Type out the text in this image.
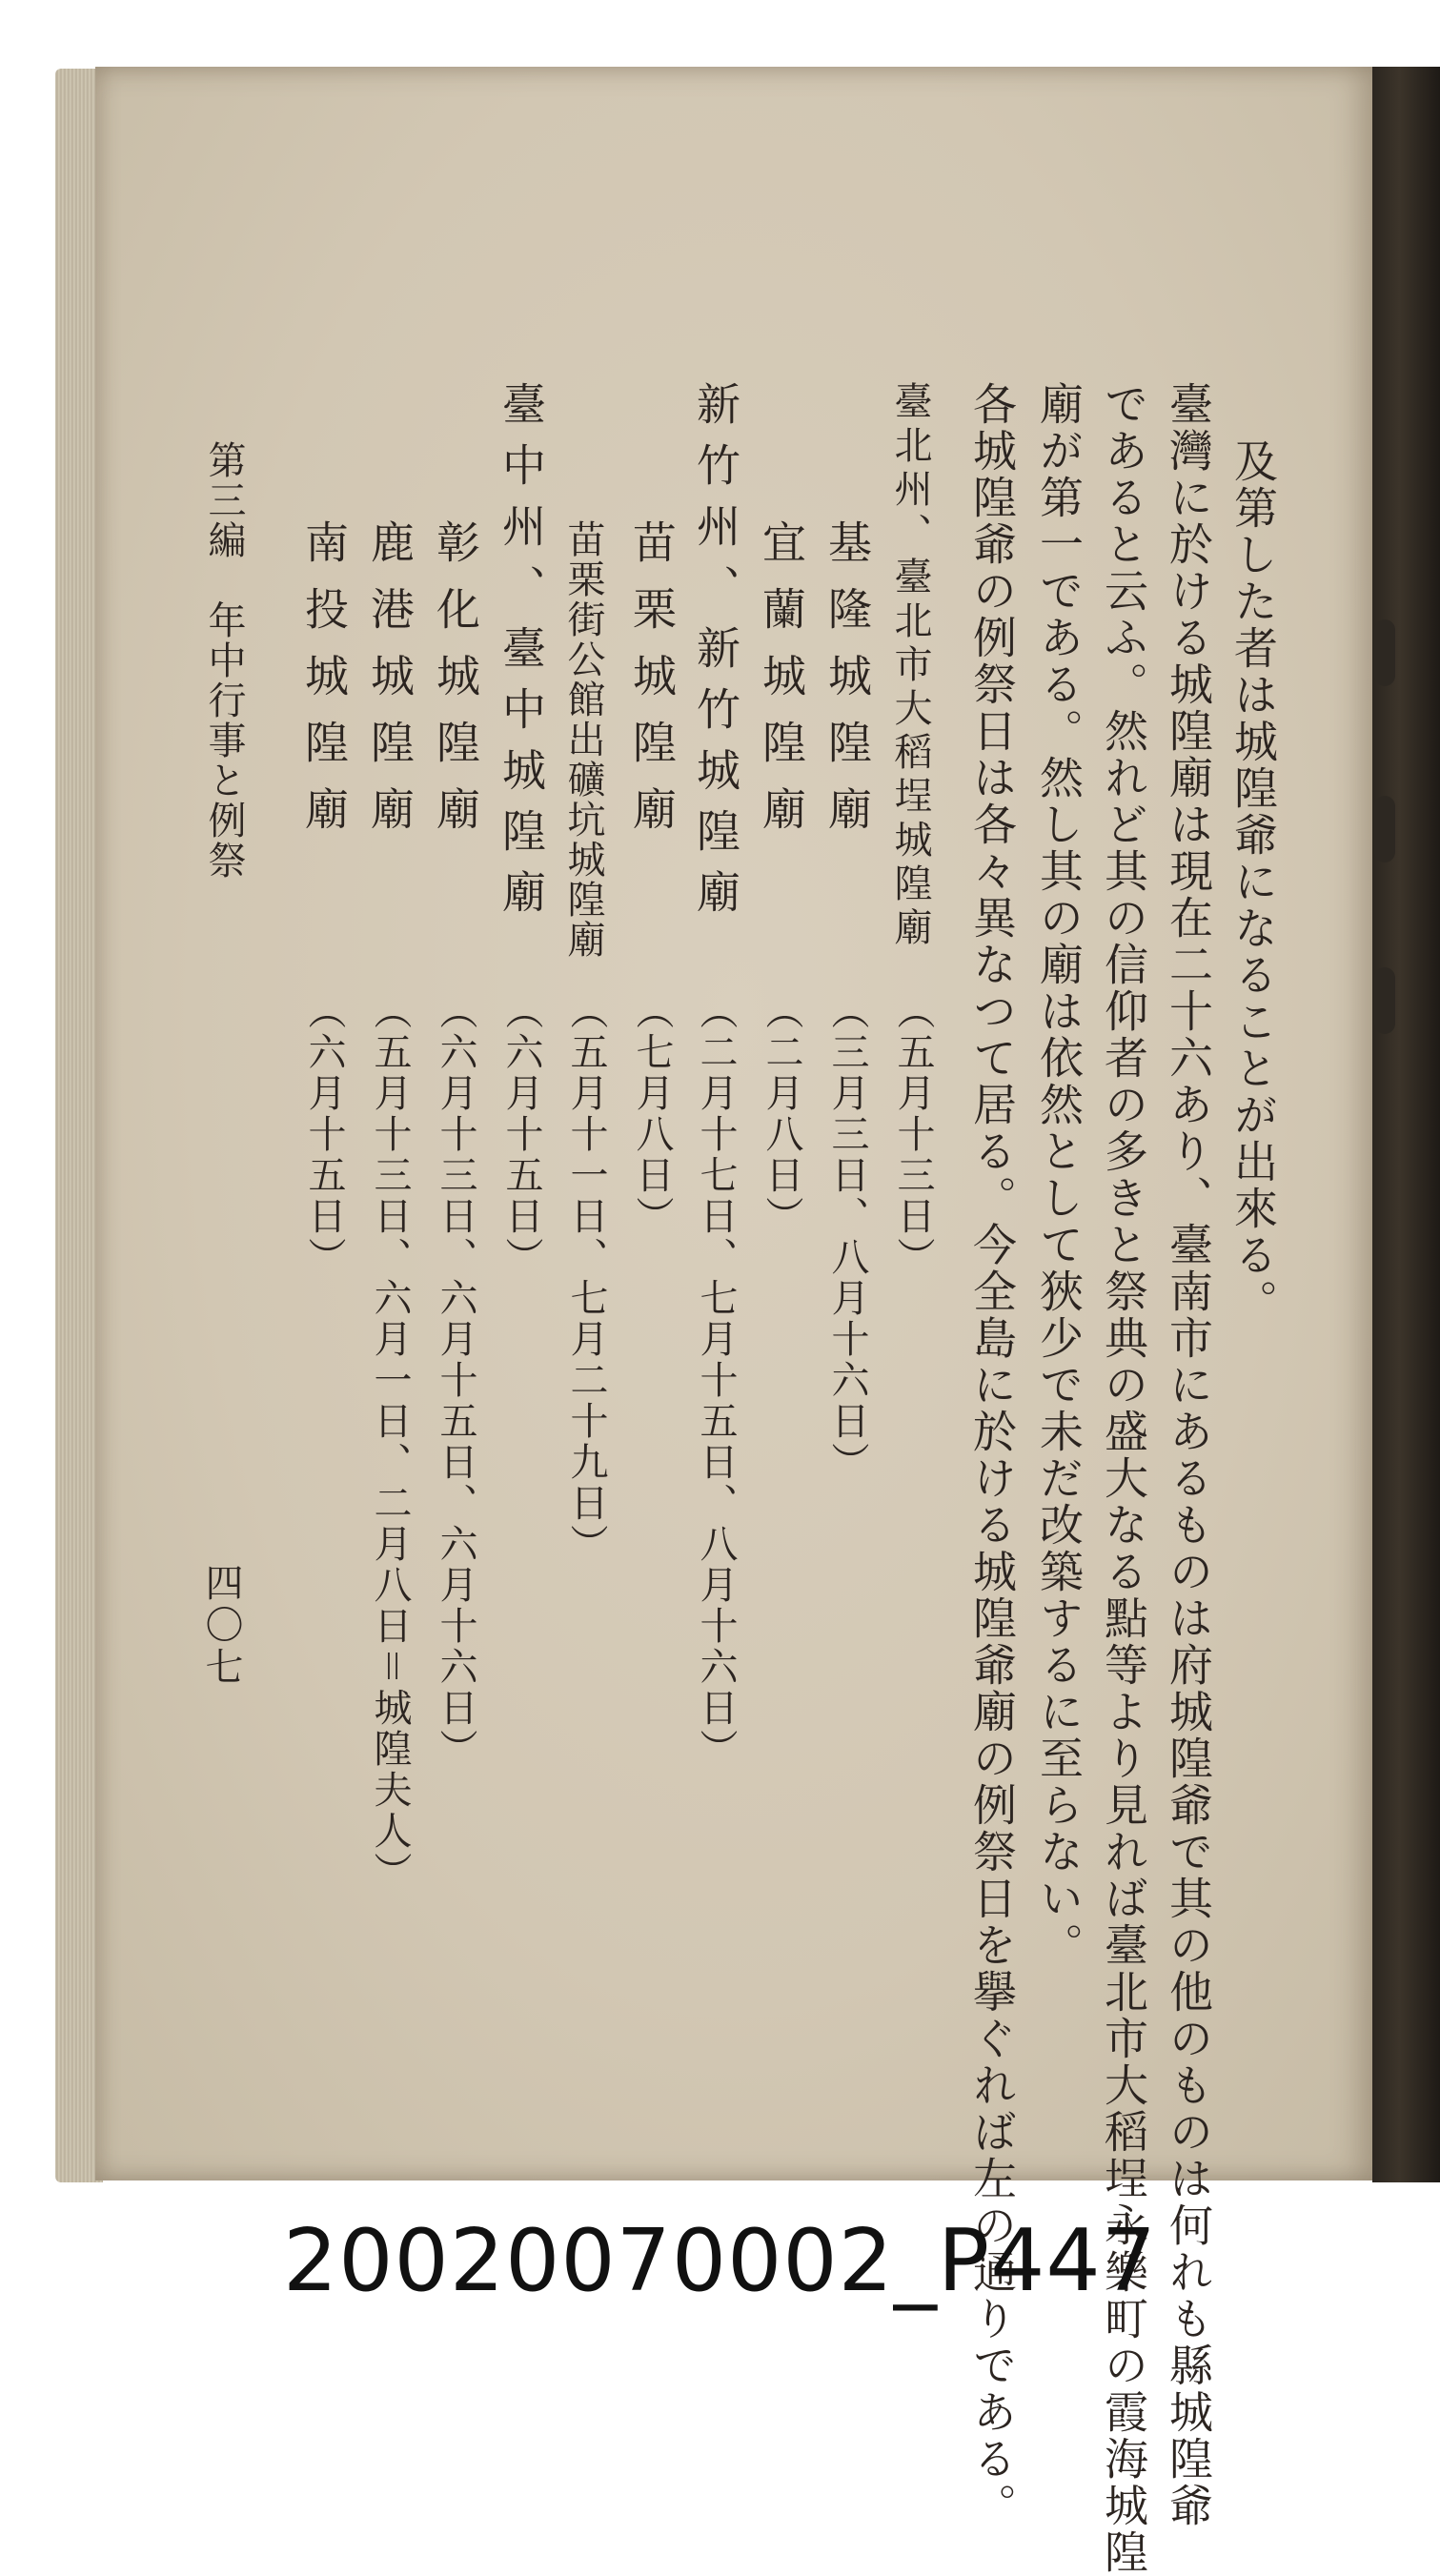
及第した者は城隍爺になることが出來る。
臺灣に於ける城隍廟は現在二十六あり、臺南市にあるものは府城隍爺で其の他のものは何れも縣城隍爺
であると云ふ。然れど其の信仰者の多きと祭典の盛大なる點等より見れば臺北市大稻埕永樂町の霞海城隍
廟が第一である。然し其の廟は依然として狹少で未だ改築するに至らない。
各城隍爺の例祭日は各々異なつて居る。今全島に於ける城隍爺廟の例祭日を擧ぐれば左の通りである。
臺北州、臺北市大稻埕城隍廟
基隆城隍廟
宜蘭城隍廟
新竹州、新竹城隍廟
苗栗城隍廟
苗栗街公館出礦坑城隍廟
臺中州、臺中城隍廟
彰化城隍廟
鹿港城隍廟
南投城隍廟
（五月十三日）
（三月三日、八月十六日）
（二月八日）
（二月十七日、七月十五日、八月十六日）
（七月八日）
（五月十一日、七月二十九日）
（六月十五日）
（六月十三日、六月十五日、六月十六日）
（五月十三日、六月一日、二月八日＝城隍夫人）
（六月十五日）
第三編　年中行事と例祭
四〇七
20020070002_P447
